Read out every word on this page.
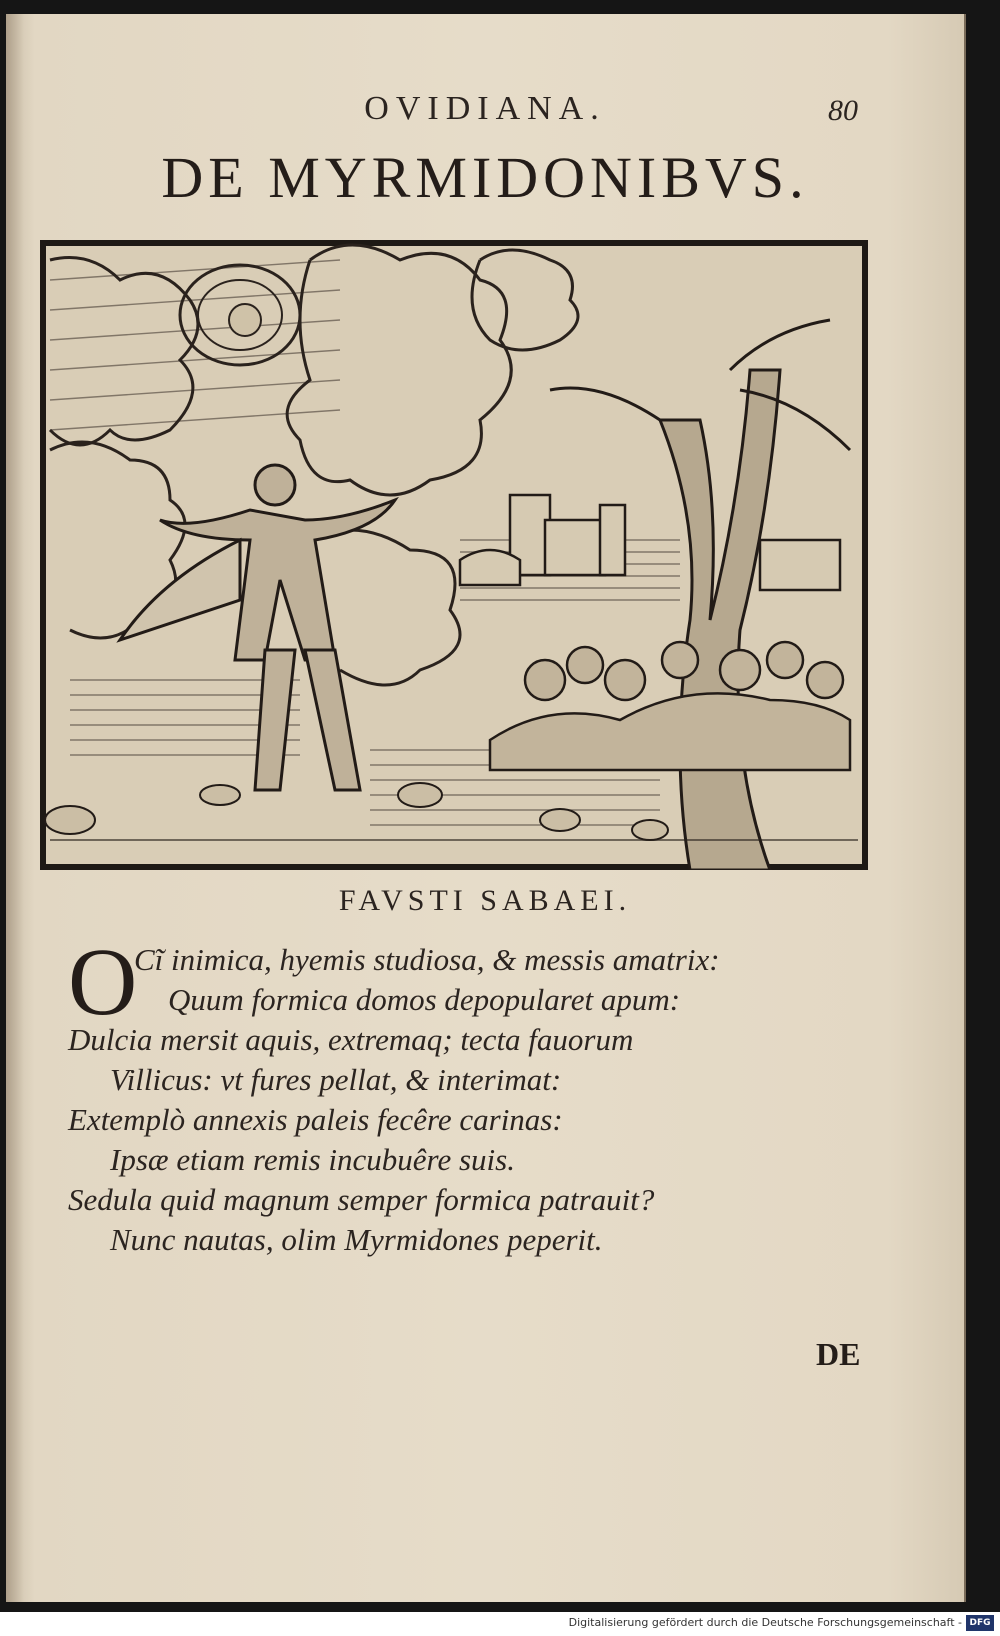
OVIDIANA.	80
DE MYRMIDONIBVS.
FAVSTI SABAEI.
O
Cĩ inimica, hyemis studiosa, & messis amatrix:
Quum formica domos depopularet apum:
Dulcia mersit aquis, extremaq; tecta fauorum
Villicus: vt fures pellat, & interimat:
Extemplò annexis paleis fecêre carinas:
Ipsæ etiam remis incubuêre suis.
Sedula quid magnum semper formica patrauit?
Nunc nautas, olim Myrmidones peperit.
DE
Digitalisierung gefördert durch die Deutsche Forschungsgemeinschaft - DFG
